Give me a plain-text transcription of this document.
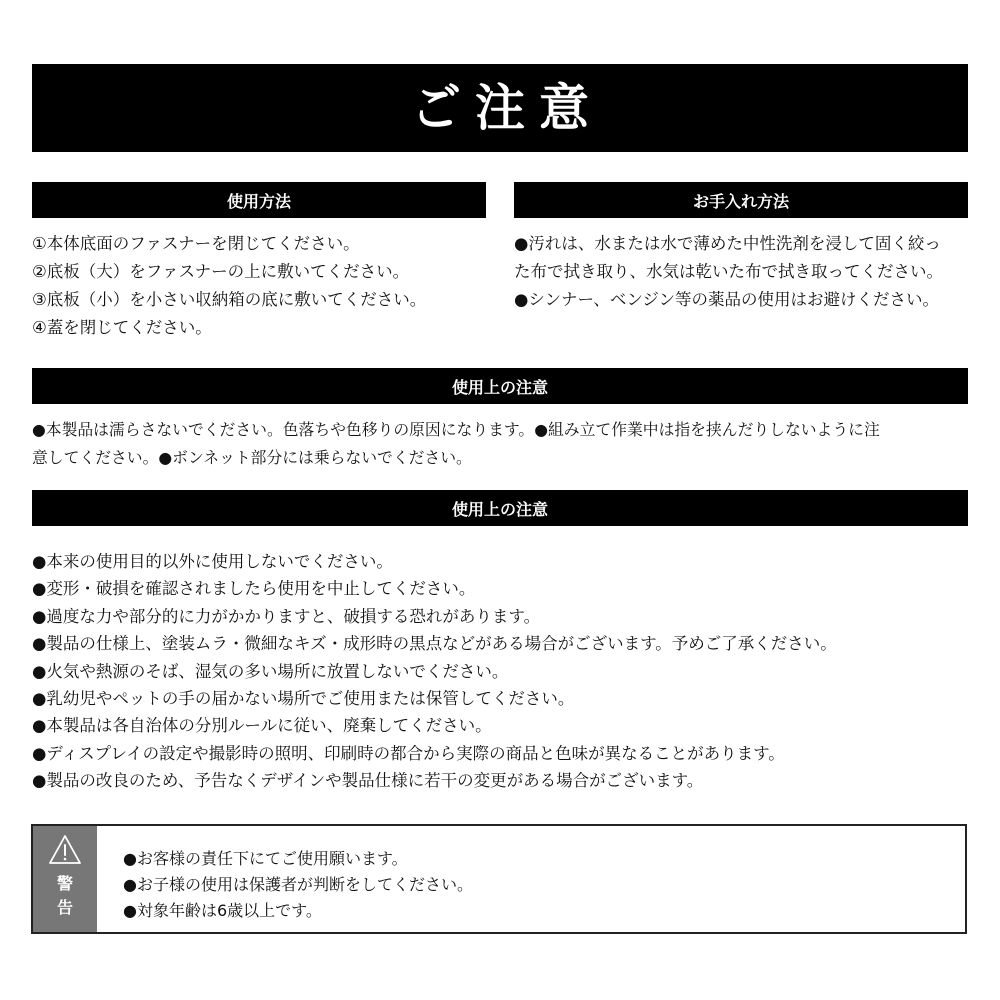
ご注意
使用方法
①本体底面のファスナーを閉じてください。
②底板（大）をファスナーの上に敷いてください。
③底板（小）を小さい収納箱の底に敷いてください。
④蓋を閉じてください。
お手入れ方法
●汚れは、水または水で薄めた中性洗剤を浸して固く絞っ
た布で拭き取り、水気は乾いた布で拭き取ってください。
●シンナー、ベンジン等の薬品の使用はお避けください。
使用上の注意
●本製品は濡らさないでください。色落ちや色移りの原因になります。●組み立て作業中は指を挟んだりしないように注
意してください。●ボンネット部分には乗らないでください。
使用上の注意
●本来の使用目的以外に使用しないでください。
●変形・破損を確認されましたら使用を中止してください。
●過度な力や部分的に力がかかりますと、破損する恐れがあります。
●製品の仕様上、塗装ムラ・微細なキズ・成形時の黒点などがある場合がございます。予めご了承ください。
●火気や熱源のそば、湿気の多い場所に放置しないでください。
●乳幼児やペットの手の届かない場所でご使用または保管してください。
●本製品は各自治体の分別ルールに従い、廃棄してください。
●ディスプレイの設定や撮影時の照明、印刷時の都合から実際の商品と色味が異なることがあります。
●製品の改良のため、予告なくデザインや製品仕様に若干の変更がある場合がございます。
警
告
●お客様の責任下にてご使用願います。
●お子様の使用は保護者が判断をしてください。
●対象年齢は6歳以上です。
